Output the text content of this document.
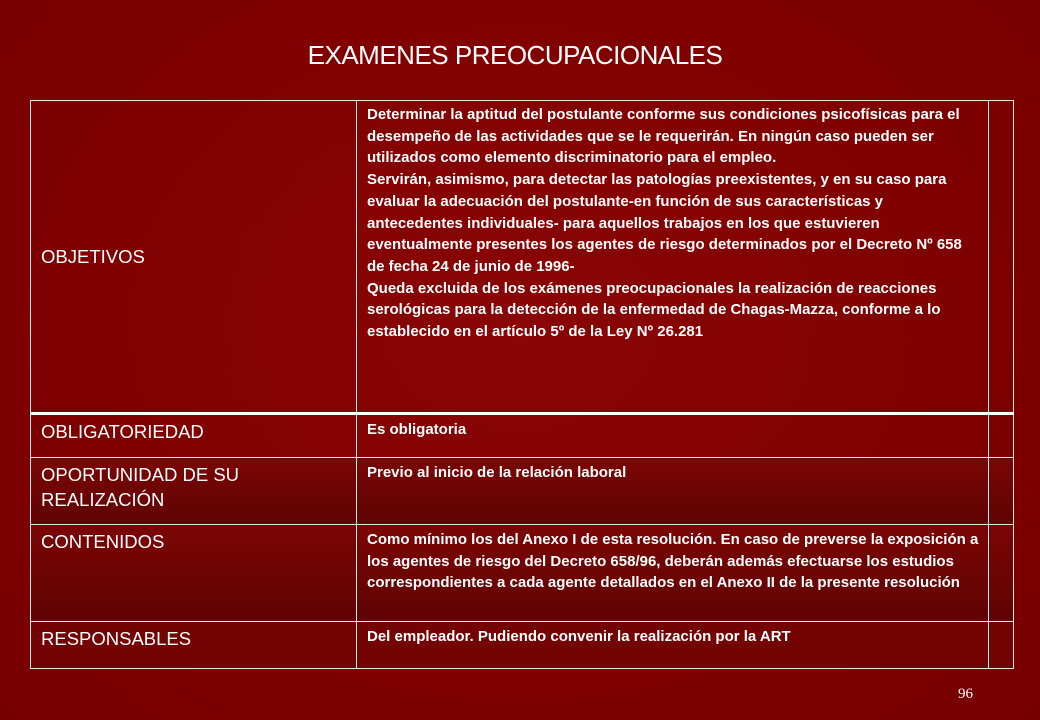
EXAMENES PREOCUPACIONALES
OBJETIVOS	Determinar la aptitud del postulante conforme sus condiciones psicofísicas para el desempeño de las actividades que se le requerirán. En ningún caso pueden ser utilizados como elemento discriminatorio para el empleo.
Servirán, asimismo, para detectar las patologías preexistentes, y en su caso para evaluar la adecuación del postulante-en función de sus características y antecedentes individuales- para aquellos trabajos en los que estuvieren eventualmente presentes los agentes de riesgo determinados por el Decreto Nº 658 de fecha 24 de junio de 1996-
Queda excluida de los exámenes preocupacionales la realización de reacciones serológicas para la detección de la enfermedad de Chagas-Mazza, conforme a lo establecido en el artículo 5º de la Ley Nº 26.281	
OBLIGATORIEDAD	Es obligatoria	
OPORTUNIDAD DE SU REALIZACIÓN	Previo al inicio de la relación laboral	
CONTENIDOS	Como mínimo los del Anexo I de esta resolución. En caso de preverse la exposición a los agentes de riesgo del Decreto 658/96, deberán además efectuarse los estudios correspondientes a cada agente detallados en el Anexo II de la presente resolución	
RESPONSABLES	Del empleador. Pudiendo convenir la realización por la ART	
96
